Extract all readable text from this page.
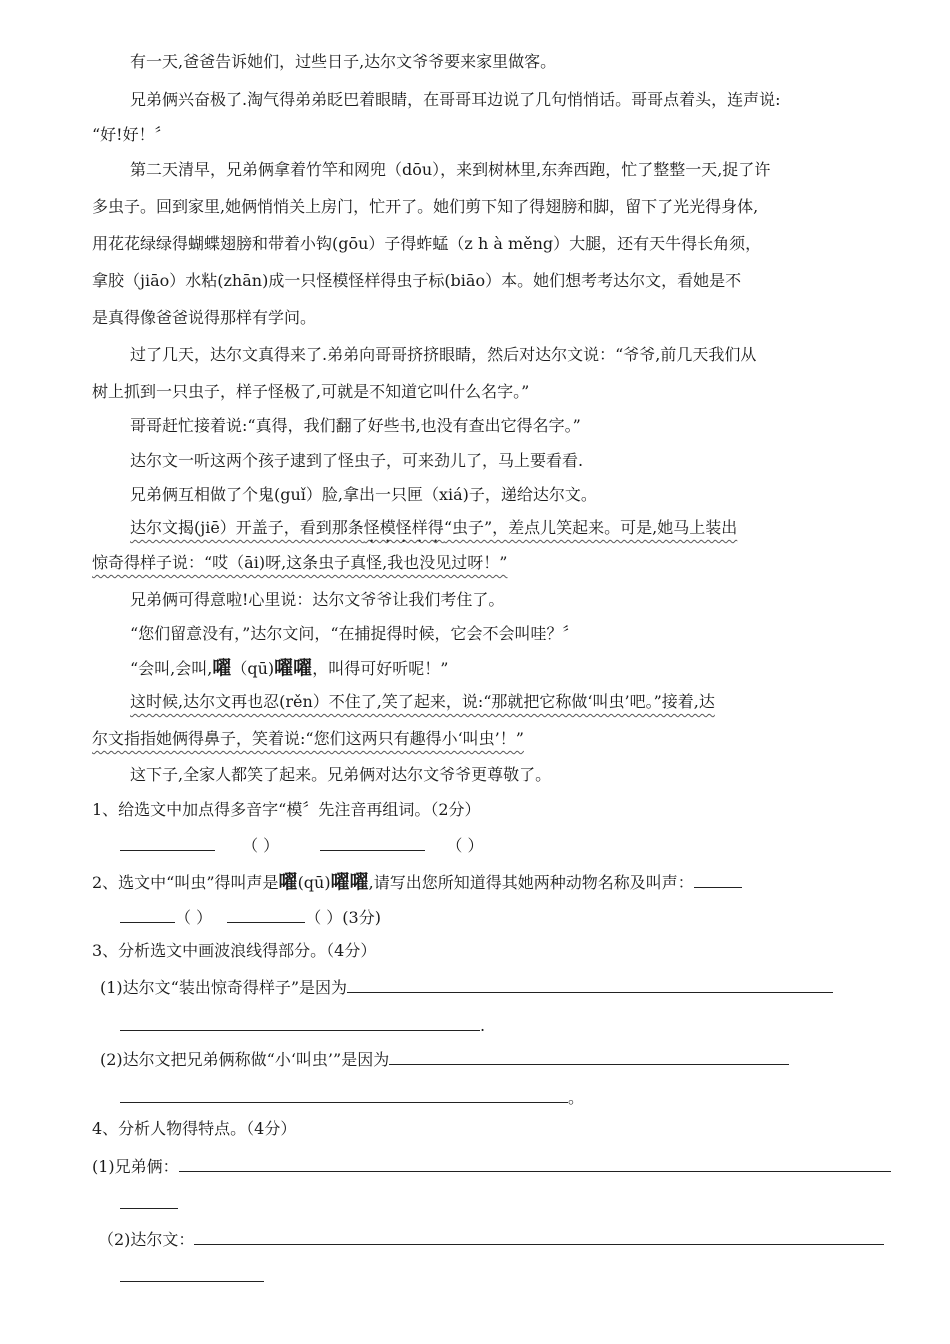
有一天,爸爸告诉她们，过些日子,达尔文爷爷要来家里做客。
兄弟俩兴奋极了.淘气得弟弟眨巴着眼睛，在哥哥耳边说了几句悄悄话。哥哥点着头，连声说:
“好!好！〞
第二天清早，兄弟俩拿着竹竿和网兜（dōu），来到树林里,东奔西跑，忙了整整一天,捉了许
多虫子。回到家里,她俩悄悄关上房门，忙开了。她们剪下知了得翅膀和脚，留下了光光得身体,
用花花绿绿得蝴蝶翅膀和带着小钩(gōu）子得蚱蜢（z h à měng）大腿，还有天牛得长角须，
拿胶（jiāo）水粘(zhān)成一只怪模怪样得虫子标(biāo）本。她们想考考达尔文，看她是不
是真得像爸爸说得那样有学问。
过了几天，达尔文真得来了.弟弟向哥哥挤挤眼睛，然后对达尔文说：“爷爷,前几天我们从
树上抓到一只虫子，样子怪极了,可就是不知道它叫什么名字。”
哥哥赶忙接着说:“真得，我们翻了好些书,也没有查出它得名字。”
达尔文一听这两个孩子逮到了怪虫子，可来劲儿了，马上要看看.
兄弟俩互相做了个鬼(guǐ）脸,拿出一只匣（xiá)子，递给达尔文。
达尔文揭(jiē）开盖子，看到那条怪模怪样得“虫子”，差点儿笑起来。可是,她马上装出
惊奇得样子说：“哎（āi)呀,这条虫子真怪,我也没见过呀！”
兄弟俩可得意啦!心里说：达尔文爷爷让我们考住了。
“您们留意没有，”达尔文问，“在捕捉得时候，它会不会叫哇？〞
“会叫,会叫,嚁（qū)嚁嚁，叫得可好听呢！”
这时候,达尔文再也忍(rěn）不住了,笑了起来，说:“那就把它称做‘叫虫’吧。”接着,达
尔文指指她俩得鼻子，笑着说:“您们这两只有趣得小‘叫虫’！”
这下子,全家人都笑了起来。兄弟俩对达尔文爷爷更尊敬了。
1、给选文中加点得多音字“模〞先注音再组词。（2分）
（ ）	（ ）
2、选文中“叫虫”得叫声是嚁(qū)嚁嚁,请写出您所知道得其她两种动物名称及叫声：
（ ）	（ ）(3分)
3、分析选文中画波浪线得部分。（4分）
(1)达尔文“装出惊奇得样子”是因为
.
(2)达尔文把兄弟俩称做“小‘叫虫’”是因为
。
4、分析人物得特点。（4分）
(1)兄弟俩：
（2)达尔文：
